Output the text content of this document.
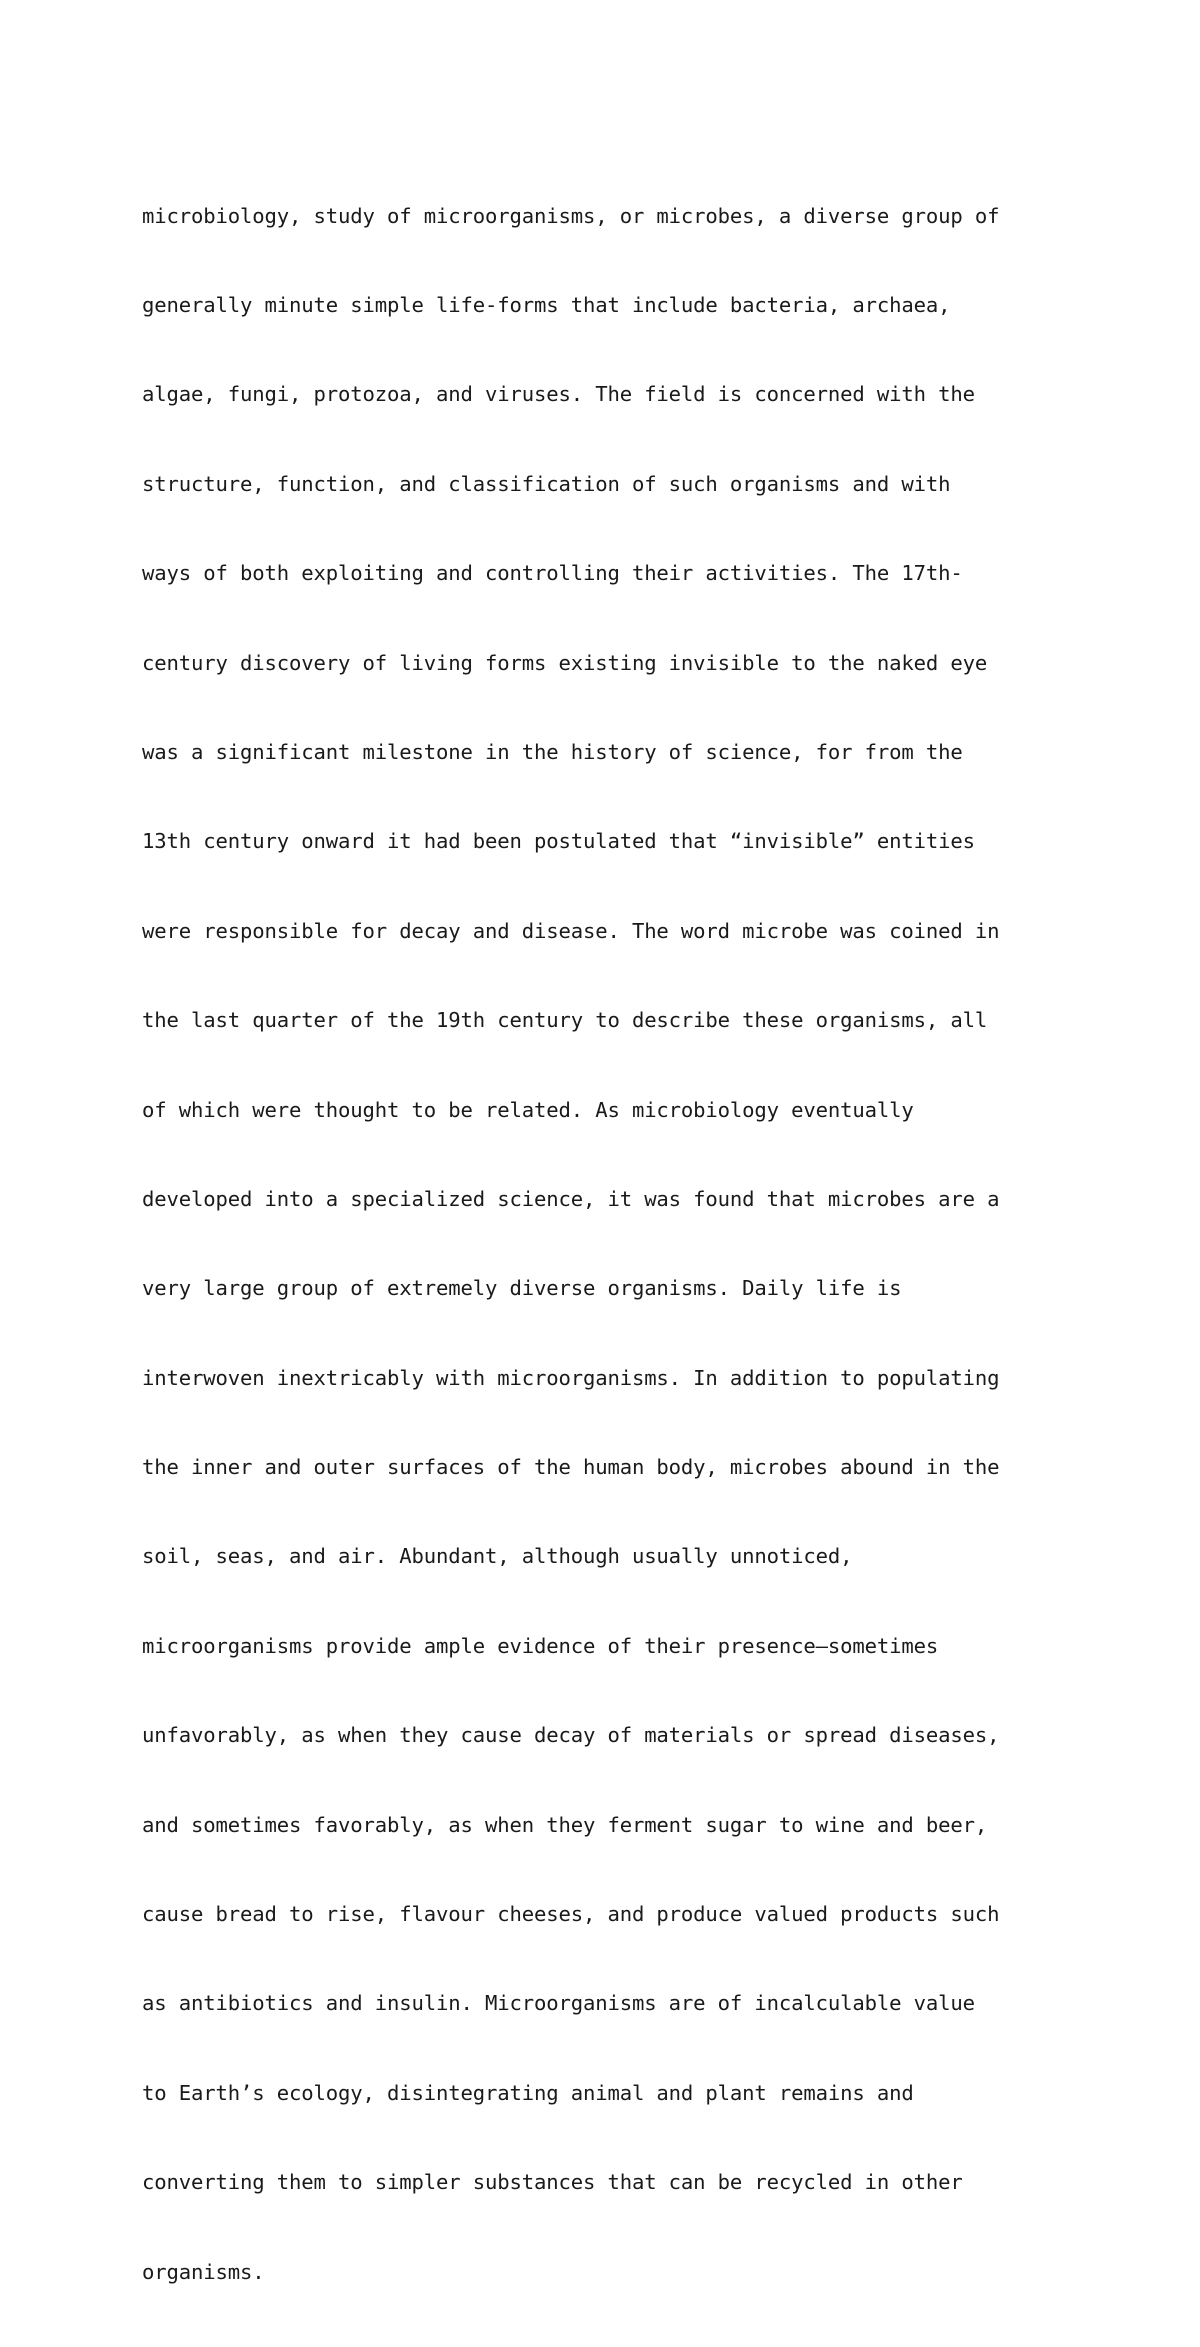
microbiology, study of microorganisms, or microbes, a diverse group of

generally minute simple life-forms that include bacteria, archaea,

algae, fungi, protozoa, and viruses. The field is concerned with the

structure, function, and classification of such organisms and with

ways of both exploiting and controlling their activities. The 17th-

century discovery of living forms existing invisible to the naked eye

was a significant milestone in the history of science, for from the

13th century onward it had been postulated that “invisible” entities

were responsible for decay and disease. The word microbe was coined in

the last quarter of the 19th century to describe these organisms, all

of which were thought to be related. As microbiology eventually

developed into a specialized science, it was found that microbes are a

very large group of extremely diverse organisms. Daily life is

interwoven inextricably with microorganisms. In addition to populating

the inner and outer surfaces of the human body, microbes abound in the

soil, seas, and air. Abundant, although usually unnoticed,

microorganisms provide ample evidence of their presence—sometimes

unfavorably, as when they cause decay of materials or spread diseases,

and sometimes favorably, as when they ferment sugar to wine and beer,

cause bread to rise, flavour cheeses, and produce valued products such

as antibiotics and insulin. Microorganisms are of incalculable value

to Earth’s ecology, disintegrating animal and plant remains and

converting them to simpler substances that can be recycled in other

organisms.
